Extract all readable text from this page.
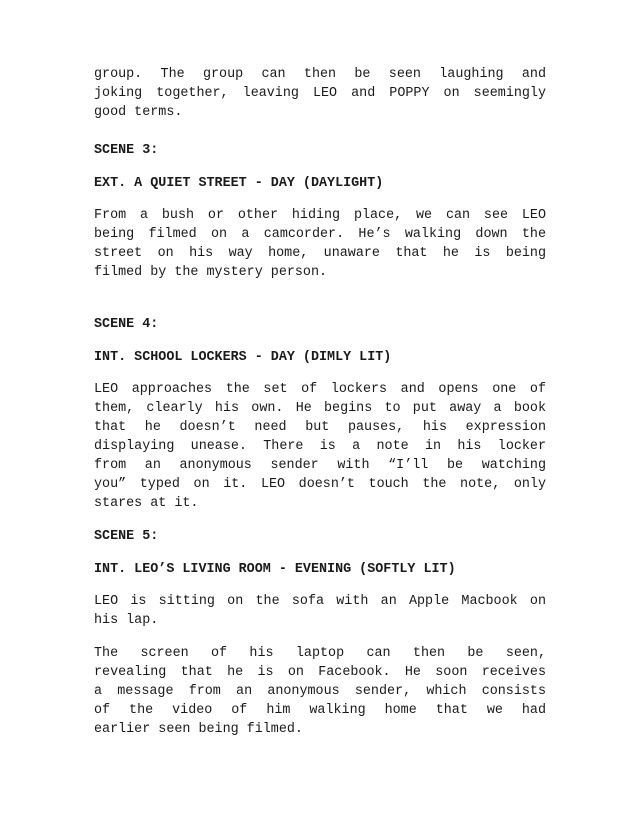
group. The group can then be seen laughing and
joking together, leaving LEO and POPPY on seemingly
good terms.
SCENE 3:
EXT. A QUIET STREET - DAY (DAYLIGHT)
From a bush or other hiding place, we can see LEO
being filmed on a camcorder. He’s walking down the
street on his way home, unaware that he is being
filmed by the mystery person.
SCENE 4:
INT. SCHOOL LOCKERS - DAY (DIMLY LIT)
LEO approaches the set of lockers and opens one of
them, clearly his own. He begins to put away a book
that he doesn’t need but pauses, his expression
displaying unease. There is a note in his locker
from an anonymous sender with “I’ll be watching
you” typed on it. LEO doesn’t touch the note, only
stares at it.
SCENE 5:
INT. LEO’S LIVING ROOM - EVENING (SOFTLY LIT)
LEO is sitting on the sofa with an Apple Macbook on
his lap.
The screen of his laptop can then be seen,
revealing that he is on Facebook. He soon receives
a message from an anonymous sender, which consists
of the video of him walking home that we had
earlier seen being filmed.
